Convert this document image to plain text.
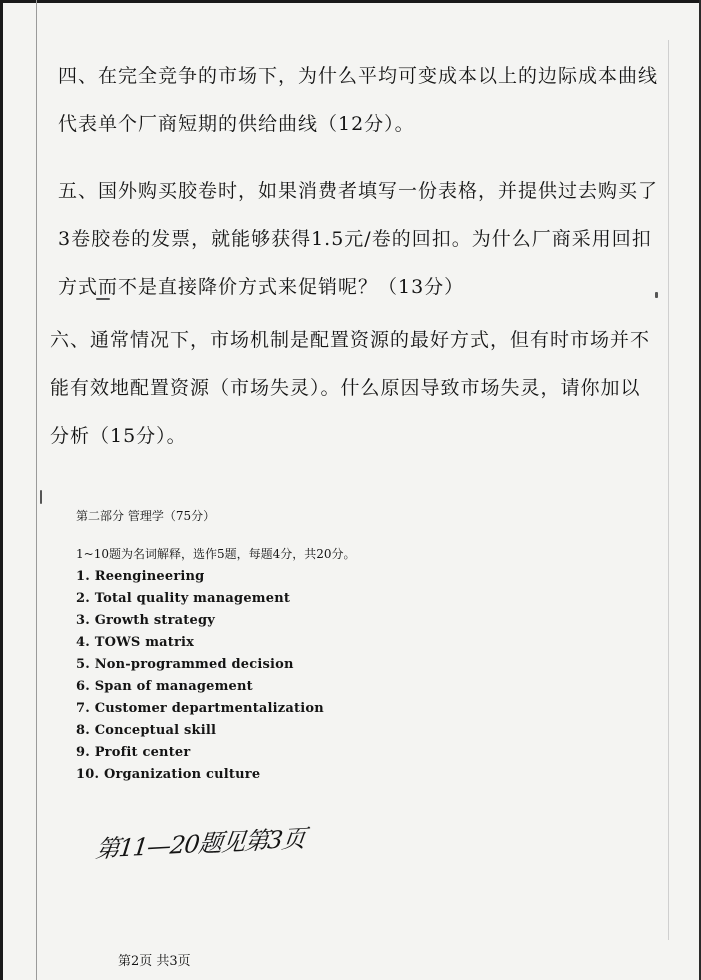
四、在完全竞争的市场下，为什么平均可变成本以上的边际成本曲线
代表单个厂商短期的供给曲线（12分）。
五、国外购买胶卷时，如果消费者填写一份表格，并提供过去购买了
3卷胶卷的发票，就能够获得1.5元/卷的回扣。为什么厂商采用回扣
方式而不是直接降价方式来促销呢？（13分）
六、通常情况下，市场机制是配置资源的最好方式，但有时市场并不
能有效地配置资源（市场失灵）。什么原因导致市场失灵，请你加以
分析（15分）。
第二部分 管理学（75分）
1~10题为名词解释，选作5题，每题4分，共20分。
1. Reengineering
2. Total quality management
3. Growth strategy
4. TOWS matrix
5. Non-programmed decision
6. Span of management
7. Customer departmentalization
8. Conceptual skill
9. Profit center
10. Organization culture
第11—20题见第3页
第2页 共3页
